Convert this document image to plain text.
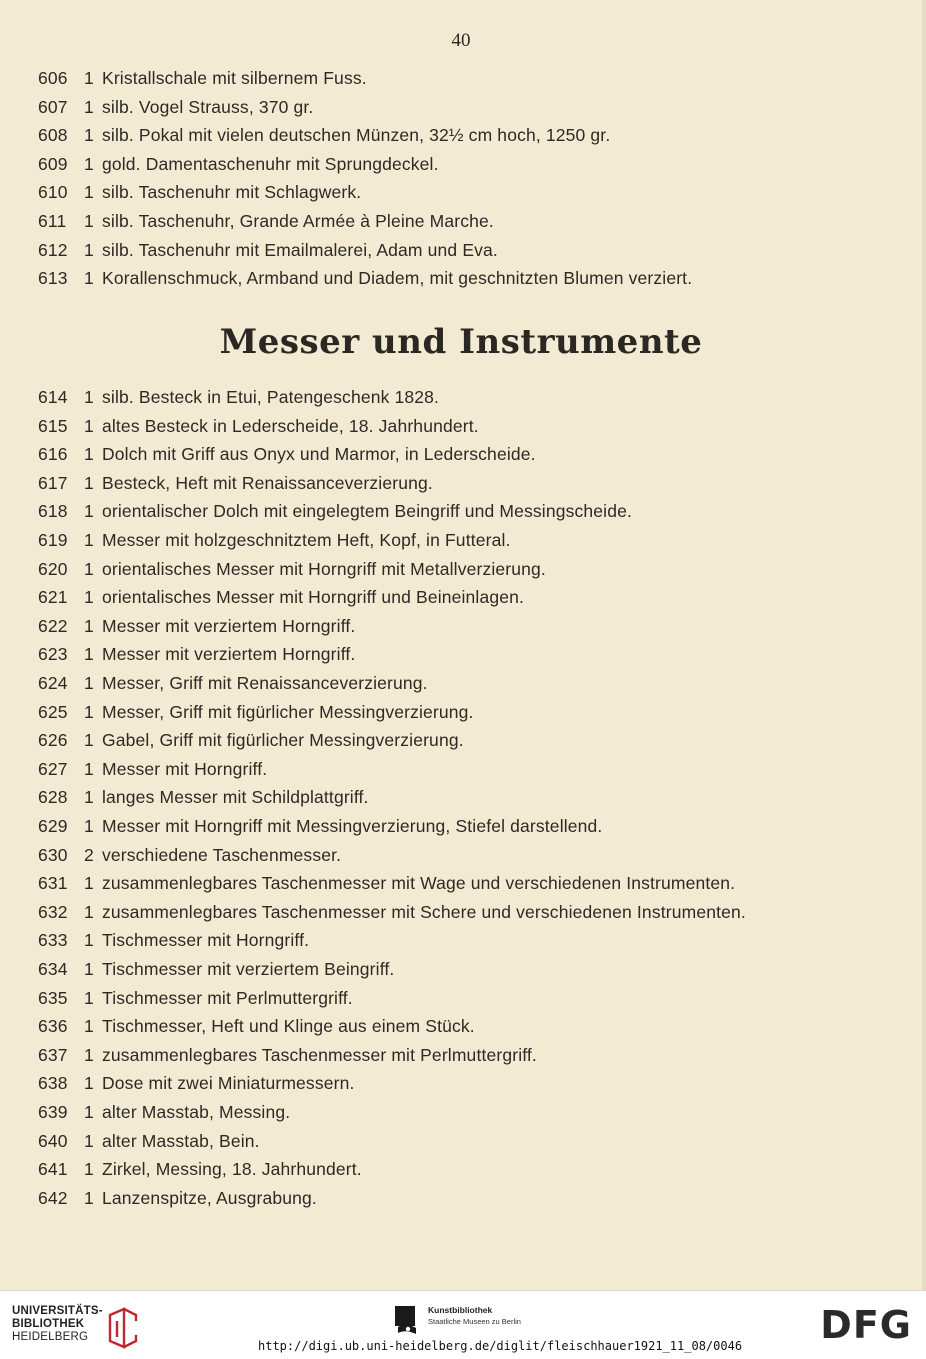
40
606 1 Kristallschale mit silbernem Fuss.
607 1 silb. Vogel Strauss, 370 gr.
608 1 silb. Pokal mit vielen deutschen Münzen, 32½ cm hoch, 1250 gr.
609 1 gold. Damentaschenuhr mit Sprungdeckel.
610 1 silb. Taschenuhr mit Schlagwerk.
611 1 silb. Taschenuhr, Grande Armée à Pleine Marche.
612 1 silb. Taschenuhr mit Emailmalerei, Adam und Eva.
613 1 Korallenschmuck, Armband und Diadem, mit geschnitzten Blumen verziert.
Messer und Instrumente
614 1 silb. Besteck in Etui, Patengeschenk 1828.
615 1 altes Besteck in Lederscheide, 18. Jahrhundert.
616 1 Dolch mit Griff aus Onyx und Marmor, in Lederscheide.
617 1 Besteck, Heft mit Renaissanceverzierung.
618 1 orientalischer Dolch mit eingelegtem Beingriff und Messingscheide.
619 1 Messer mit holzgeschnitztem Heft, Kopf, in Futteral.
620 1 orientalisches Messer mit Horngriff mit Metallverzierung.
621 1 orientalisches Messer mit Horngriff und Beineinlagen.
622 1 Messer mit verziertem Horngriff.
623 1 Messer mit verziertem Horngriff.
624 1 Messer, Griff mit Renaissanceverzierung.
625 1 Messer, Griff mit figürlicher Messingverzierung.
626 1 Gabel, Griff mit figürlicher Messingverzierung.
627 1 Messer mit Horngriff.
628 1 langes Messer mit Schildplattgriff.
629 1 Messer mit Horngriff mit Messingverzierung, Stiefel darstellend.
630 2 verschiedene Taschenmesser.
631 1 zusammenlegbares Taschenmesser mit Wage und verschiedenen Instrumenten.
632 1 zusammenlegbares Taschenmesser mit Schere und verschiedenen Instrumenten.
633 1 Tischmesser mit Horngriff.
634 1 Tischmesser mit verziertem Beingriff.
635 1 Tischmesser mit Perlmuttergriff.
636 1 Tischmesser, Heft und Klinge aus einem Stück.
637 1 zusammenlegbares Taschenmesser mit Perlmuttergriff.
638 1 Dose mit zwei Miniaturmessern.
639 1 alter Masstab, Messing.
640 1 alter Masstab, Bein.
641 1 Zirkel, Messing, 18. Jahrhundert.
642 1 Lanzenspitze, Ausgrabung.
UNIVERSITÄTS-
BIBLIOTHEK
HEIDELBERG
Kunstbibliothek
Staatliche Museen zu Berlin	DFG
http://digi.ub.uni-heidelberg.de/diglit/fleischhauer1921_11_08/0046
